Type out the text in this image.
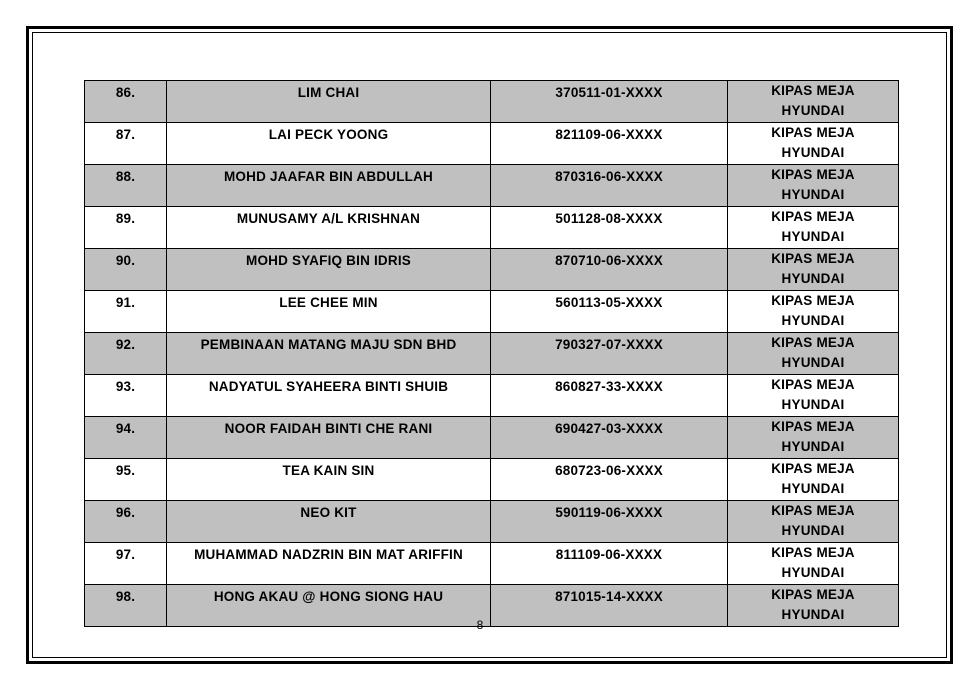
86.	LIM CHAI	370511-01-XXXX	KIPAS MEJA
HYUNDAI
87.	LAI PECK YOONG	821109-06-XXXX	KIPAS MEJA
HYUNDAI
88.	MOHD JAAFAR BIN ABDULLAH	870316-06-XXXX	KIPAS MEJA
HYUNDAI
89.	MUNUSAMY A/L KRISHNAN	501128-08-XXXX	KIPAS MEJA
HYUNDAI
90.	MOHD SYAFIQ BIN IDRIS	870710-06-XXXX	KIPAS MEJA
HYUNDAI
91.	LEE CHEE MIN	560113-05-XXXX	KIPAS MEJA
HYUNDAI
92.	PEMBINAAN MATANG MAJU SDN BHD	790327-07-XXXX	KIPAS MEJA
HYUNDAI
93.	NADYATUL SYAHEERA BINTI SHUIB	860827-33-XXXX	KIPAS MEJA
HYUNDAI
94.	NOOR FAIDAH BINTI CHE RANI	690427-03-XXXX	KIPAS MEJA
HYUNDAI
95.	TEA KAIN SIN	680723-06-XXXX	KIPAS MEJA
HYUNDAI
96.	NEO KIT	590119-06-XXXX	KIPAS MEJA
HYUNDAI
97.	MUHAMMAD NADZRIN BIN MAT ARIFFIN	811109-06-XXXX	KIPAS MEJA
HYUNDAI
98.	HONG AKAU @ HONG SIONG HAU	871015-14-XXXX	KIPAS MEJA
HYUNDAI
8
